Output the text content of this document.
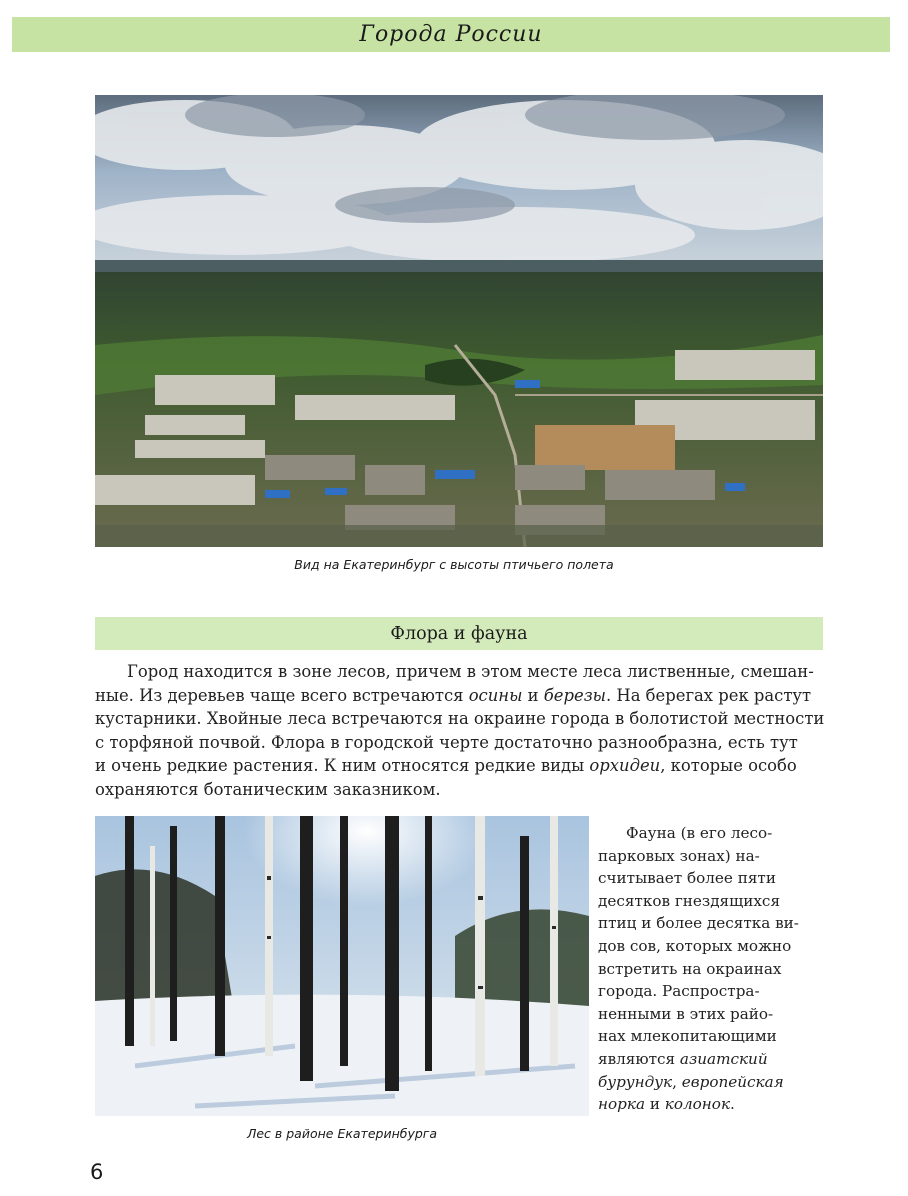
Города России
Вид на Екатеринбург с высоты птичьего полета
Флора и фауна

Город находится в зоне лесов, причем в этом месте леса лиственные, смешан-
ные. Из деревьев чаще всего встречаются осины и березы. На берегах рек растут
кустарники. Хвойные леса встречаются на окраине города в болотистой местности
с торфяной почвой. Флора в городской черте достаточно разнообразна, есть тут
и очень редкие растения. К ним относятся редкие виды орхидеи, которые особо
охраняются ботаническим заказником.

Лес в районе Екатеринбурга

Фауна (в его лесо-
парковых зонах) на-
считывает более пяти
десятков гнездящихся
птиц и более десятка ви-
дов сов, которых можно
встретить на окраинах
города. Распростра-
ненными в этих райо-
нах млекопитающими
являются азиатский
бурундук, европейская
норка и колонок.

6
